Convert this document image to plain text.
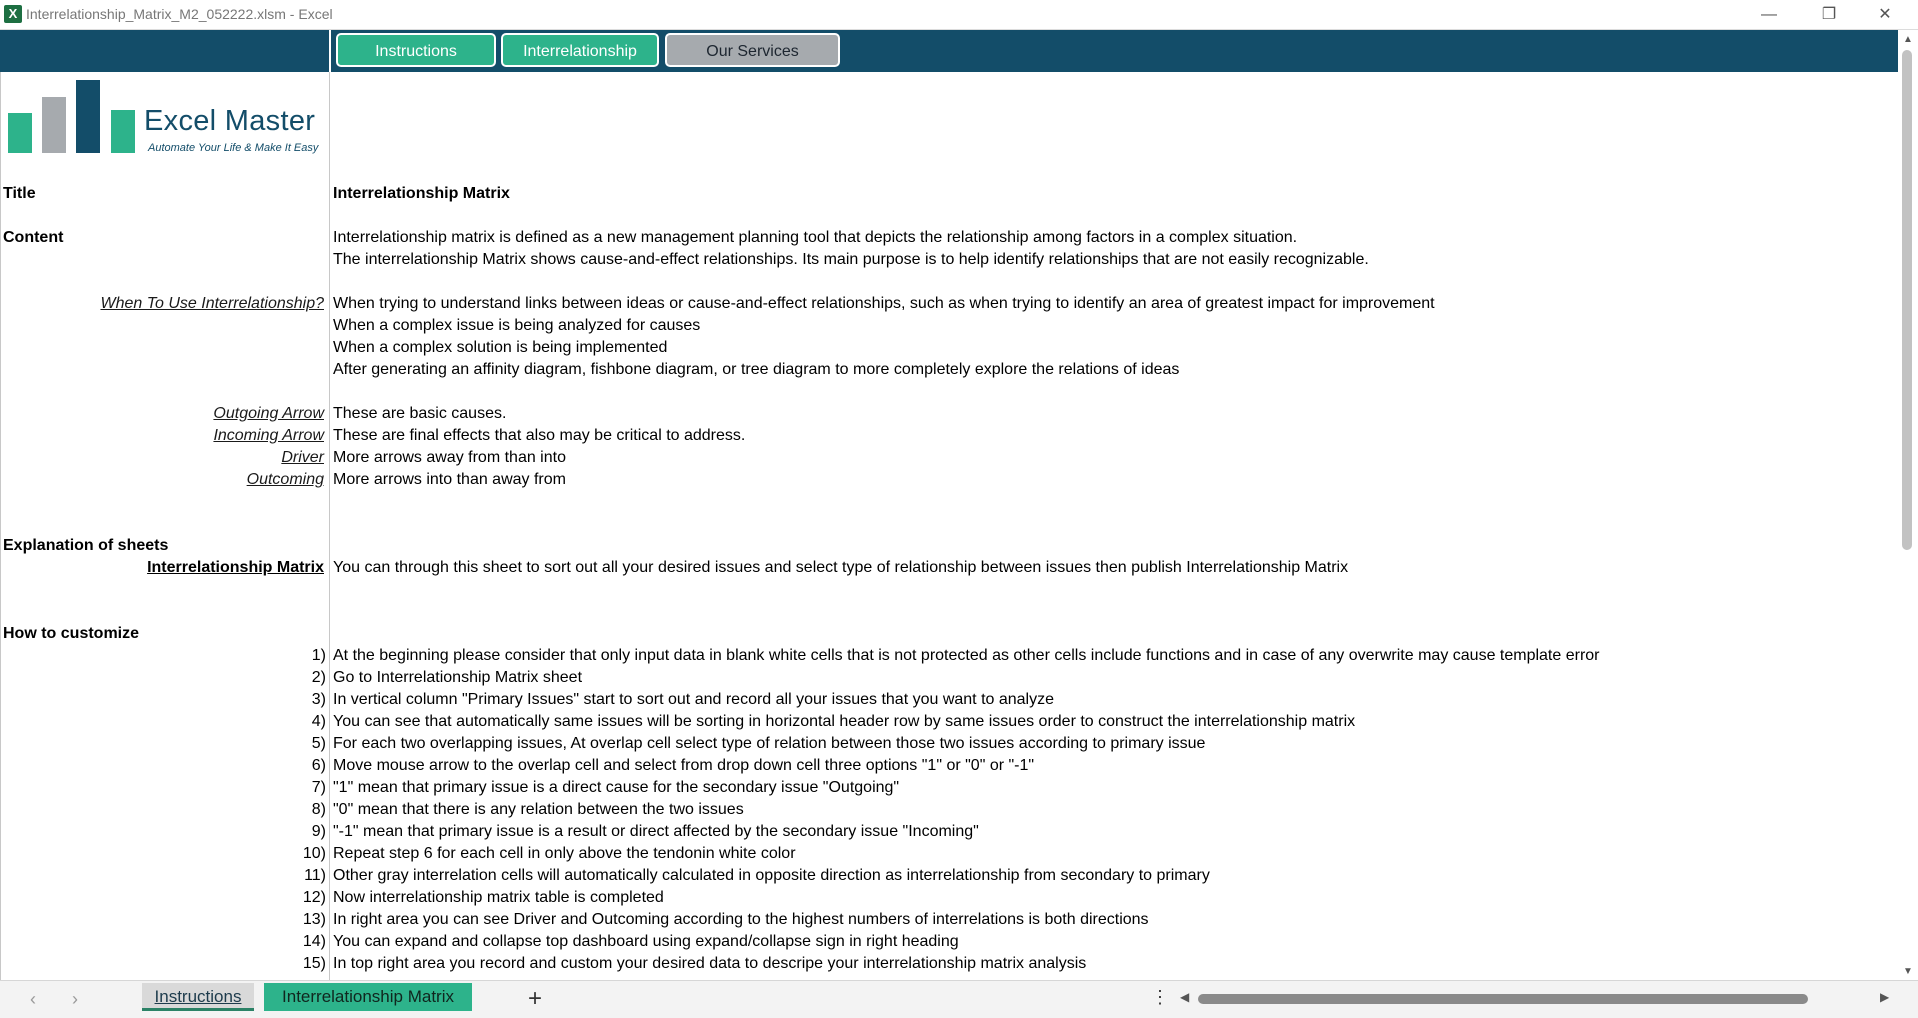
X Interrelationship_Matrix_M2_052222.xlsm - Excel	—	❐	✕
Instructions	Interrelationship	Our Services
Excel Master
Automate Your Life & Make It Easy
Title	Interrelationship Matrix
Content	Interrelationship matrix is defined as a new management planning tool that depicts the relationship among factors in a complex situation.
The interrelationship Matrix shows cause-and-effect relationships. Its main purpose is to help identify relationships that are not easily recognizable.
When To Use Interrelationship? When trying to understand links between ideas or cause-and-effect relationships, such as when trying to identify an area of greatest impact for improvement
When a complex issue is being analyzed for causes
When a complex solution is being implemented
After generating an affinity diagram, fishbone diagram, or tree diagram to more completely explore the relations of ideas
Outgoing Arrow These are basic causes.
Incoming Arrow These are final effects that also may be critical to address.
Driver More arrows away from than into
Outcoming More arrows into than away from
Explanation of sheets
Interrelationship Matrix You can through this sheet to sort out all your desired issues and select type of relationship between issues then publish Interrelationship Matrix
How to customize
1) At the beginning please consider that only input data in blank white cells that is not protected as other cells include functions and in case of any overwrite may cause template error
2) Go to Interrelationship Matrix sheet
3) In vertical column "Primary Issues" start to sort out and record all your issues that you want to analyze
4) You can see that automatically same issues will be sorting in horizontal header row by same issues order to construct the interrelationship matrix
5) For each two overlapping issues, At overlap cell select type of relation between those two issues according to primary issue
6) Move mouse arrow to the overlap cell and select from drop down cell three options "1" or "0" or "-1"
7) "1" mean that primary issue is a direct cause for the secondary issue "Outgoing"
8) "0" mean that there is any relation between the two issues
9) "-1" mean that primary issue is a result or direct affected by the secondary issue "Incoming"
10) Repeat step 6 for each cell in only above the tendonin white color
11) Other gray interrelation cells will automatically calculated in opposite direction as interrelationship from secondary to primary
12) Now interrelationship matrix table is completed
13) In right area you can see Driver and Outcoming according to the highest numbers of interrelations is both directions
14) You can expand and collapse top dashboard using expand/collapse sign in right heading
15) In top right area you record and custom your desired data to descripe your interrelationship matrix analysis
▲
▼
‹ ›	Instructions	Interrelationship Matrix	+	⋮ ◀	▶
